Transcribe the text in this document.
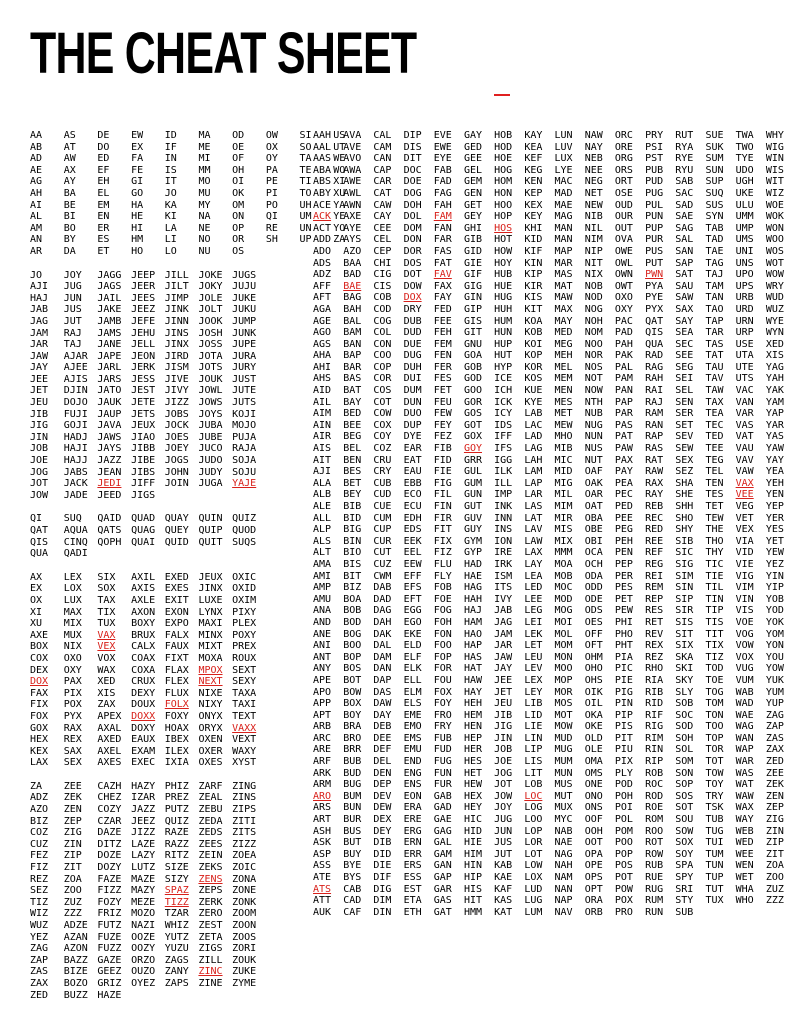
THE CHEAT SHEET
AA AS DE EW ID MA OD OW SI US
AB AT DO EX IF ME OE OX SO UT
AD AW ED FA IN MI OF OY TA WE
AE AX EF FE IS MM OH PA TE WO
AG AY EH GI IT MO OI PE TI XI
AH BA EL GO JO MU OK PI TO XU
AI BE EM HA KA MY OM PO UH YA
AL BI EN HE KI NA ON QI UM YE
AM BO ER HI LA NE OP RE UN YO
AN BY ES HM LI NO OR SH UP ZA
AR DA ET HO LO NU OS
JO JOY JAGG JEEP JILL JOKE JUGS
AJI JUG JAGS JEER JILT JOKY JUJU
HAJ JUN JAIL JEES JIMP JOLE JUKE
JAB JUS JAKE JEEZ JINK JOLT JUKU
JAG JUT JAMB JEFE JINN JOOK JUMP
JAM RAJ JAMS JEHU JINS JOSH JUNK
JAR TAJ JANE JELL JINX JOSS JUPE
JAW AJAR JAPE JEON JIRD JOTA JURA
JAY AJEE JARL JERK JISM JOTS JURY
JEE AJIS JARS JESS JIVE JOUK JUST
JET DJIN JATO JEST JIVY JOWL JUTE
JEU DOJO JAUK JETE JIZZ JOWS JUTS
JIB FUJI JAUP JETS JOBS JOYS KOJI
JIG GOJI JAVA JEUX JOCK JUBA MOJO
JIN HADJ JAWS JIAO JOES JUBE PUJA
JOB HAJI JAYS JIBB JOEY JUCO RAJA
JOE HAJJ JAZZ JIBE JOGS JUDO SOJA
JOG JABS JEAN JIBS JOHN JUDY SOJU
JOT JACK JEDI JIFF JOIN JUGA YAJE
JOW JADE JEED JIGS
QI SUQ QAID QUAD QUAY QUIN QUIZ
QAT AQUA QATS QUAG QUEY QUIP QUOD
QIS CINQ QOPH QUAI QUID QUIT SUQS
QUA QADI
AX LEX SIX AXIL EXED JEUX OXIC
EX LOX SOX AXIS EXES JINX OXID
OX LUX TAX AXLE EXIT LUXE OXIM
XI MAX TIX AXON EXON LYNX PIXY
XU MIX TUX BOXY EXPO MAXI PLEX
AXE MUX VAX BRUX FALX MINX POXY
BOX NIX VEX CALX FAUX MIXT PREX
COX OXO VOX COAX FIXT MOXA ROUX
DEX OXY WAX COXA FLAX MPOX SEXT
DOX PAX XED CRUX FLEX NEXT SEXY
FAX PIX XIS DEXY FLUX NIXE TAXA
FIX POX ZAX DOUX FOLX NIXY TAXI
FOX PYX APEX DOXX FOXY ONYX TEXT
GOX RAX AXAL DOXY HOAX ORYX VAXX
HEX REX AXED EAUX IBEX OXEN VEXT
KEX SAX AXEL EXAM ILEX OXER WAXY
LAX SEX AXES EXEC IXIA OXES XYST
ZA ZEE CAZH HAZY PHIZ ZARF ZING
ADZ ZEK CHEZ IZAR PREZ ZEAL ZINS
AZO ZEN COZY JAZZ PUTZ ZEBU ZIPS
BIZ ZEP CZAR JEEZ QUIZ ZEDA ZITI
COZ ZIG DAZE JIZZ RAZE ZEDS ZITS
CUZ ZIN DITZ LAZE RAZZ ZEES ZIZZ
FEZ ZIP DOZE LAZY RITZ ZEIN ZOEA
FIZ ZIT DOZY LUTZ SIZE ZEKS ZOIC
REZ ZOA FAZE MAZE SIZY ZENS ZONA
SEZ ZOO FIZZ MAZY SPAZ ZEPS ZONE
TIZ ZUZ FOZY MEZE TIZZ ZERK ZONK
WIZ ZZZ FRIZ MOZO TZAR ZERO ZOOM
WUZ ADZE FUTZ NAZI WHIZ ZEST ZOON
YEZ AZAN FUZE OOZE YUTZ ZETA ZOOS
ZAG AZON FUZZ OOZY YUZU ZIGS ZORI
ZAP BAZZ GAZE ORZO ZAGS ZILL ZOUK
ZAS BIZE GEEZ OUZO ZANY ZINC ZUKE
ZAX BOZO GRIZ OYEZ ZAPS ZINE ZYME
ZED BUZZ HAZE
AAH AVA CAL DIP EVE GAY HOB KAY LUN NAW ORC PRY RUT SUE TWA WHY
AAL AVE CAM DIS EWE GED HOD KEA LUV NAY ORE PSI RYA SUK TWO WIG
AAS AVO CAN DIT EYE GEE HOE KEF LUX NEB ORG PST RYE SUM TYE WIN
ABA AWA CAP DOC FAB GEL HOG KEG LYE NEE ORS PUB RYU SUN UDO WIS
ABS AWE CAR DOE FAD GEM HOM KEN MAC NEG ORT PUD SAB SUP UGH WIT
ABY AWL CAT DOG FAG GEN HON KEP MAD NET OSE PUG SAC SUQ UKE WIZ
ACE AWN CAW DOH FAH GET HOO KEX MAE NEW OUD PUL SAD SUS ULU WOE
ACK AXE CAY DOL FAM GEY HOP KEY MAG NIB OUR PUN SAE SYN UMM WOK
ACT AYE CEE DOM FAN GHI HOS KHI MAN NIL OUT PUP SAG TAB UMP WON
ADD AYS CEL DON FAR GIB HOT KID MAN NIM OVA PUR SAL TAD UMS WOO
ADO AZO CEP DOR FAS GID HOW KIF MAP NIP OWE PUS SAN TAE UNI WOS
ADS BAA CHI DOS FAT GIE HOY KIN MAR NIT OWL PUT SAP TAG UNS WOT
ADZ BAD CIG DOT FAV GIF HUB KIP MAS NIX OWN PWN SAT TAJ UPO WOW
AFF BAE CIS DOW FAX GIG HUE KIR MAT NOB OWT PYA SAU TAM UPS WRY
AFT BAG COB DOX FAY GIN HUG KIS MAW NOD OXO PYE SAW TAN URB WUD
AGA BAH COD DRY FED GIP HUH KIT MAX NOG OXY PYX SAX TAO URD WUZ
AGE BAL COG DUB FEE GIS HUM KOA MAY NOH PAC QAT SAY TAP URN WYE
AGO BAM COL DUD FEH GIT HUN KOB MED NOM PAD QIS SEA TAR URP WYN
AGS BAN CON DUE FEM GNU HUP KOI MEG NOO PAH QUA SEC TAS USE XED
AHA BAP COO DUG FEN GOA HUT KOP MEH NOR PAK RAD SEE TAT UTA XIS
AHI BAR COP DUH FER GOB HYP KOR MEL NOS PAL RAG SEG TAU UTE YAG
AHS BAS COR DUI FES GOD ICE KOS MEM NOT PAM RAH SEI TAV UTS YAH
AID BAT COS DUM FET GOO ICH KUE MEN NOW PAN RAI SEL TAW VAC YAK
AIL BAY COT DUN FEU GOR ICK KYE MES NTH PAP RAJ SEN TAX VAN YAM
AIM BED COW DUO FEW GOS ICY LAB MET NUB PAR RAM SER TEA VAR YAP
AIN BEE COX DUP FEY GOT IDS LAC MEW NUG PAS RAN SET TEC VAS YAR
AIR BEG COY DYE FEZ GOX IFF LAD MHO NUN PAT RAP SEV TED VAT YAS
AIS BEL COZ EAR FIB GOY IFS LAG MIB NUS PAW RAS SEW TEE VAU YAW
AIT BEN CRU EAT FID GRR IGG LAH MIC NUT PAX RAT SEX TEG VAV YAY
AJI BES CRY EAU FIE GUL ILK LAM MID OAF PAY RAW SEZ TEL VAW YEA
ALA BET CUB EBB FIG GUM ILL LAP MIG OAK PEA RAX SHA TEN VAX YEH
ALB BEY CUD ECO FIL GUN IMP LAR MIL OAR PEC RAY SHE TES VEE YEN
ALE BIB CUE ECU FIN GUT INK LAS MIM OAT PED REB SHH TET VEG YEP
ALL BID CUM EDH FIR GUV INN LAT MIR OBA PEE REC SHO TEW VET YER
ALP BIG CUP EDS FIT GUY INS LAV MIS OBE PEG RED SHY THE VEX YES
ALS BIN CUR EEK FIX GYM ION LAW MIX OBI PEH REE SIB THO VIA YET
ALT BIO CUT EEL FIZ GYP IRE LAX MMM OCA PEN REF SIC THY VID YEW
AMA BIS CUZ EEW FLU HAD IRK LAY MOA OCH PEP REG SIG TIC VIE YEZ
AMI BIT CWM EFF FLY HAE ISM LEA MOB ODA PER REI SIM TIE VIG YIN
AMP BIZ DAB EFS FOB HAG ITS LED MOC ODD PES REM SIN TIL VIM YIP
AMU BOA DAD EFT FOE HAH IVY LEE MOD ODE PET REP SIP TIN VIN YOB
ANA BOB DAG EGG FOG HAJ JAB LEG MOG ODS PEW RES SIR TIP VIS YOD
AND BOD DAH EGO FOH HAM JAG LEI MOI OES PHI RET SIS TIS VOE YOK
ANE BOG DAK EKE FON HAO JAM LEK MOL OFF PHO REV SIT TIT VOG YOM
ANI BOO DAL ELD FOO HAP JAR LET MOM OFT PHT REX SIX TIX VOW YON
ANT BOP DAM ELF FOP HAS JAW LEU MON OHM PIA REZ SKA TIZ VOX YOU
ANY BOS DAN ELK FOR HAT JAY LEV MOO OHO PIC RHO SKI TOD VUG YOW
APE BOT DAP ELL FOU HAW JEE LEX MOP OHS PIE RIA SKY TOE VUM YUK
APO BOW DAS ELM FOX HAY JET LEY MOR OIK PIG RIB SLY TOG WAB YUM
APP BOX DAW ELS FOY HEH JEU LIB MOS OIL PIN RID SOB TOM WAD YUP
APT BOY DAY EME FRO HEM JIB LID MOT OKA PIP RIF SOC TON WAE ZAG
ARB BRA DEB EMO FRY HEN JIG LIE MOW OKE PIS RIG SOD TOO WAG ZAP
ARC BRO DEE EMS FUB HEP JIN LIN MUD OLD PIT RIM SOH TOP WAN ZAS
ARE BRR DEF EMU FUD HER JOB LIP MUG OLE PIU RIN SOL TOR WAP ZAX
ARF BUB DEL END FUG HES JOE LIS MUM OMA PIX RIP SOM TOT WAR ZED
ARK BUD DEN ENG FUN HET JOG LIT MUN OMS PLY ROB SON TOW WAS ZEE
ARM BUG DEP ENS FUR HEW JOT LOB MUS ONE POD ROC SOP TOY WAT ZEK
ARO BUM DEV EON GAB HEX JOW LOC MUT ONO POH ROD SOS TRY WAW ZEN
ARS BUN DEW ERA GAD HEY JOY LOG MUX ONS POI ROE SOT TSK WAX ZEP
ART BUR DEX ERE GAE HIC JUG LOO MYC OOF POL ROM SOU TUB WAY ZIG
ASH BUS DEY ERG GAG HID JUN LOP NAB OOH POM ROO SOW TUG WEB ZIN
ASK BUT DIB ERN GAL HIE JUS LOR NAE OOT POO ROT SOX TUI WED ZIP
ASP BUY DID ERR GAM HIM JUT LOT NAG OPA POP ROW SOY TUM WEE ZIT
ASS BYE DIE ERS GAN HIN KAB LOW NAH OPE POS RUB SPA TUN WEN ZOA
ATE BYS DIF ESS GAP HIP KAE LOX NAM OPS POT RUE SPY TUP WET ZOO
ATS CAB DIG EST GAR HIS KAF LUD NAN OPT POW RUG SRI TUT WHA ZUZ
ATT CAD DIM ETA GAS HIT KAS LUG NAP ORA POX RUM STY TUX WHO ZZZ
AUK CAF DIN ETH GAT HMM KAT LUM NAV ORB PRO RUN SUB
